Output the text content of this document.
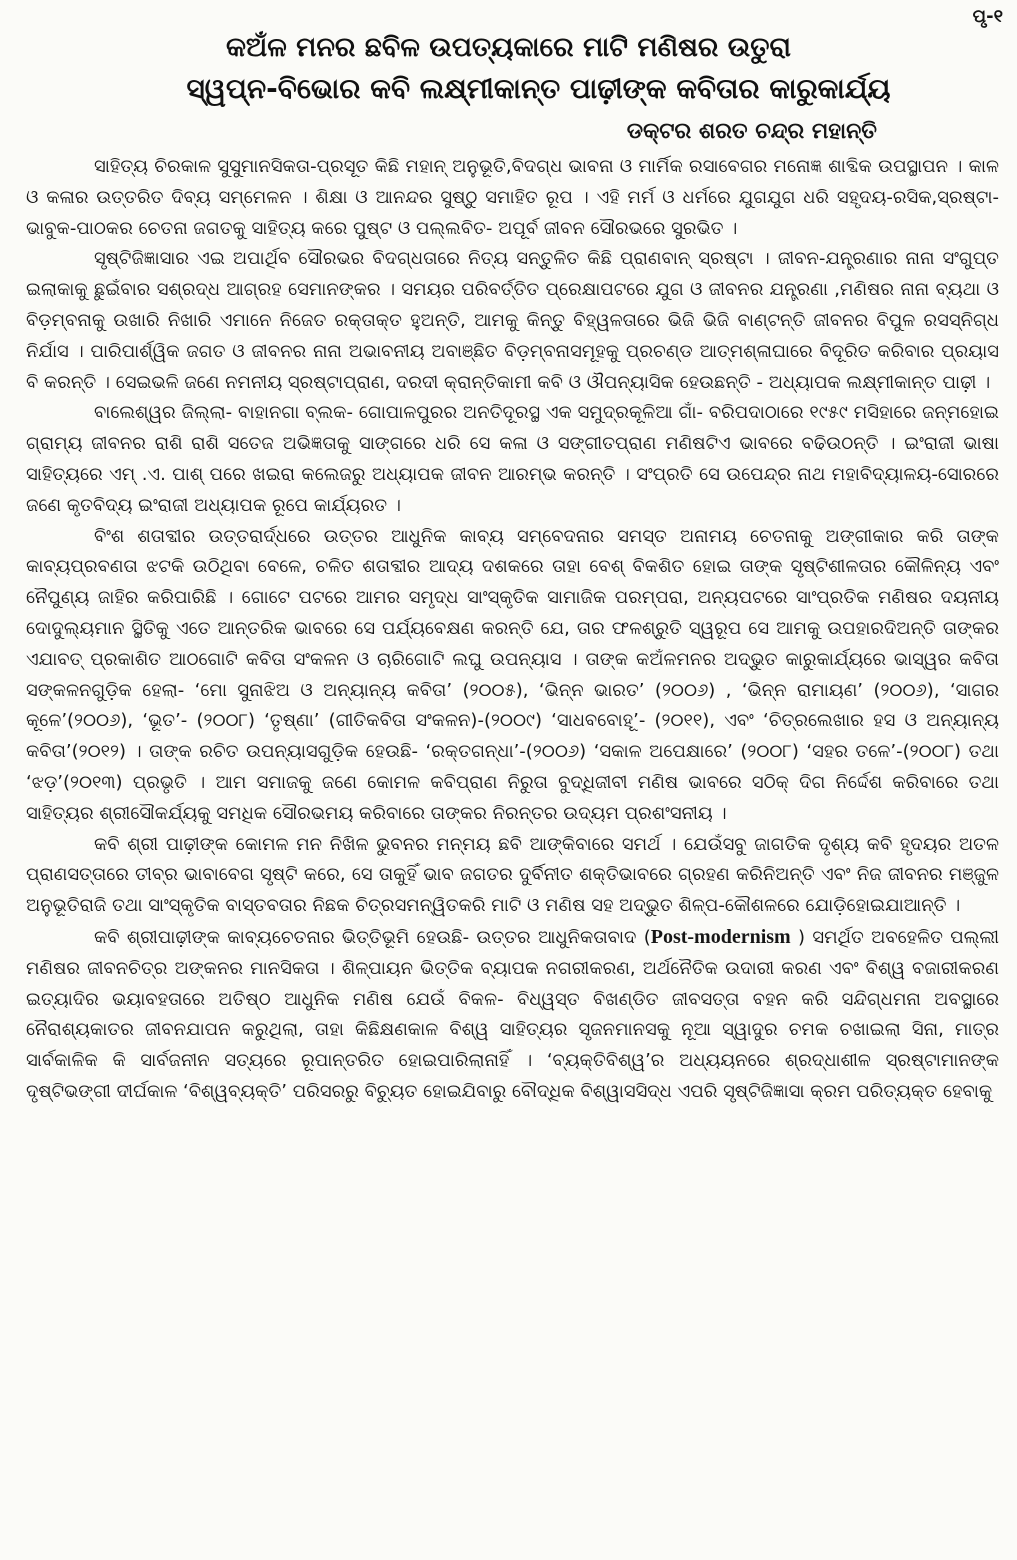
ପୃ-୧
କଅଁଳ ମନର ଛବିଳ ଉପତ୍ୟକାରେ ମାଟି ମଣିଷର ଉତୁରା
ସ୍ୱପ୍ନ-ବିଭୋର କବି ଲକ୍ଷ୍ମୀକାନ୍ତ ପାଢ଼ୀଙ୍କ କବିତାର କାରୁକାର୍ଯ୍ୟ
ଡକ୍ଟର ଶରତ ଚନ୍ଦ୍ର ମହାନ୍ତି

ସାହିତ୍ୟ ଚିରକାଳ ସୁସୁମାନସିକତା-ପ୍ରସୂତ କିଛି ମହାନ୍ ଅନୁଭୂତି,ବିଦଗ୍ଧ ଭାବନା ଓ ମାର୍ମିକ ରସାବେଗର ମନୋଜ୍ଞ ଶାବ୍ଦିକ ଉପସ୍ଥାପନ । କାଳ ଓ କଳାର ଉତ୍ତରିତ ଦିବ୍ୟ ସମ୍ମେଳନ । ଶିକ୍ଷା ଓ ଆନନ୍ଦର ସୁଷ୍ଠୁ ସମାହିତ ରୂପ । ଏହି ମର୍ମ ଓ ଧର୍ମରେ ଯୁଗଯୁଗ ଧରି ସହୃଦୟ-ରସିକ,ସ୍ରଷ୍ଟା-ଭାବୁକ-ପାଠକର ଚେତନା ଜଗତକୁ ସାହିତ୍ୟ କରେ ପୁଷ୍ଟ ଓ ପଲ୍ଲବିତ- ଅପୂର୍ବ ଜୀବନ ସୌରଭରେ ସୁରଭିତ ।

ସୃଷ୍ଟିଜିଜ୍ଞାସାର ଏଇ ଅପାର୍ଥିବ ସୌରଭର ବିଦଗ୍ଧତାରେ ନିତ୍ୟ ସନ୍ତୁଳିତ କିଛି ପ୍ରାଣବାନ୍ ସ୍ରଷ୍ଟା । ଜୀବନ-ଯନ୍ତ୍ରଣାର ନାନା ସଂଗୁପ୍ତ ଇଲାକାକୁ ଛୁଇଁବାର ସଶ୍ରଦ୍ଧ ଆଗ୍ରହ ସେମାନଙ୍କର । ସମୟର ପରିବର୍ତ୍ତିତ ପ୍ରେକ୍ଷାପଟରେ ଯୁଗ ଓ ଜୀବନର ଯନ୍ତ୍ରଣା ,ମଣିଷର ନାନା ବ୍ୟଥା ଓ ବିଡ଼ମ୍ବନାକୁ ଉଖାରି ନିଖାରି ଏମାନେ ନିଜେତ ରକ୍ତାକ୍ତ ହୁଅନ୍ତି, ଆମକୁ କିନ୍ତୁ ବିହ୍ୱଳତାରେ ଭିଜି ଭିଜି ବାଣ୍ଟନ୍ତି ଜୀବନର ବିପୁଳ ରସସ୍ନିଗ୍ଧ ନିର୍ଯାସ । ପାରିପାର୍ଶ୍ୱିକ ଜଗତ ଓ ଜୀବନର ନାନା ଅଭାବନୀୟ ଅବାଞ୍ଛିତ ବିଡ଼ମ୍ବନାସମୂହକୁ ପ୍ରଚଣ୍ଡ ଆତ୍ମଶ୍ଳାଘାରେ ବିଦୂରିତ କରିବାର ପ୍ରୟାସ ବି କରନ୍ତି । ସେଇଭଳି ଜଣେ ନମନୀୟ ସ୍ରଷ୍ଟାପ୍ରାଣ, ଦରଦୀ କ୍ରାନ୍ତିକାମୀ କବି ଓ ଔପନ୍ୟାସିକ ହେଉଛନ୍ତି - ଅଧ୍ୟାପକ ଲକ୍ଷ୍ମୀକାନ୍ତ ପାଢ଼ୀ ।

ବାଲେଶ୍ୱର ଜିଲ୍ଲା- ବାହାନଗା ବ୍ଲକ- ଗୋପାଳପୁରର ଅନତିଦୂରସ୍ଥ ଏକ ସମୁଦ୍ରକୂଳିଆ ଗାଁ- ବରିପଦାଠାରେ ୧୯୫୯ ମସିହାରେ ଜନ୍ମହୋଇ ଗ୍ରାମ୍ୟ ଜୀବନର ରାଶି ରାଶି ସତେଜ ଅଭିଜ୍ଞତାକୁ ସାଙ୍ଗରେ ଧରି ସେ କଳା ଓ ସଙ୍ଗୀତପ୍ରାଣ ମଣିଷଟିଏ ଭାବରେ ବଢିଉଠନ୍ତି । ଇଂରାଜୀ ଭାଷା ସାହିତ୍ୟରେ ଏମ୍ .ଏ. ପାଶ୍ ପରେ ଖଇରା କଲେଜରୁ ଅଧ୍ୟାପକ ଜୀବନ ଆରମ୍ଭ କରନ୍ତି । ସଂପ୍ରତି ସେ ଉପେନ୍ଦ୍ର ନାଥ ମହାବିଦ୍ୟାଳୟ-ସୋରରେ ଜଣେ କୃତବିଦ୍ୟ ଇଂରାଜୀ ଅଧ୍ୟାପକ ରୂପେ କାର୍ଯ୍ୟରତ ।

ବିଂଶ ଶତାବ୍ଦୀର ଉତ୍ତରାର୍ଦ୍ଧରେ ଉତ୍ତର ଆଧୁନିକ କାବ୍ୟ ସମ୍ବେଦନାର ସମସ୍ତ ଅନାମୟ ଚେତନାକୁ ଅଙ୍ଗୀକାର କରି ତାଙ୍କ କାବ୍ୟପ୍ରବଣତା ଝଟକି ଉଠିଥିବା ବେଳେ, ଚଳିତ ଶତାବ୍ଦୀର ଆଦ୍ୟ ଦଶକରେ ତାହା ବେଶ୍ ବିକଶିତ ହୋଇ ତାଙ୍କ ସୃଷ୍ଟିଶୀଳତାର କୌଳିନ୍ୟ ଏବଂ ନୈପୁଣ୍ୟ ଜାହିର କରିପାରିଛି । ଗୋଟେ ପଟରେ ଆମର ସମୃଦ୍ଧ ସାଂସ୍କୃତିକ ସାମାଜିକ ପରମ୍ପରା, ଅନ୍ୟପଟରେ ସାଂପ୍ରତିକ ମଣିଷର ଦୟନୀୟ ଦୋଦୁଲ୍ୟମାନ ସ୍ଥିତିକୁ ଏତେ ଆନ୍ତରିକ ଭାବରେ ସେ ପର୍ଯ୍ୟବେକ୍ଷଣ କରନ୍ତି ଯେ, ତାର ଫଳଶ୍ରୁତି ସ୍ୱରୂପ ସେ ଆମକୁ ଉପହାରଦିଅନ୍ତି ତାଙ୍କର ଏଯାବତ୍ ପ୍ରକାଶିତ ଆଠଗୋଟି କବିତା ସଂକଳନ ଓ ଚାରିଗୋଟି ଲଘୁ ଉପନ୍ୟାସ । ତାଙ୍କ କଅଁଳମନର ଅଦ୍ଭୁତ କାରୁକାର୍ଯ୍ୟରେ ଭାସ୍ୱର କବିତା ସଙ୍କଳନଗୁଡ଼ିକ ହେଲା- ‘ମୋ ସୁନାଝିଅ ଓ ଅନ୍ୟାନ୍ୟ କବିତା’ (୨୦୦୫), ‘ଭିନ୍ନ ଭାରତ’ (୨୦୦୬) , ‘ଭିନ୍ନ ରାମାୟଣ’ (୨୦୦୬), ‘ସାଗର କୂଳେ’(୨୦୦୬), ‘ଭୂତ’- (୨୦୦୮) ‘ତୃଷ୍ଣା’ (ଗୀତିକବିତା ସଂକଳନ)-(୨୦୦୯) ‘ସାଧବବୋହୂ’- (୨୦୧୧), ଏବଂ ‘ଚିତ୍ରଲେଖାର ହସ ଓ ଅନ୍ୟାନ୍ୟ କବିତା’(୨୦୧୨) । ତାଙ୍କ ରଚିତ ଉପନ୍ୟାସଗୁଡ଼ିକ ହେଉଛି- ‘ରକ୍ତଗନ୍ଧା’-(୨୦୦୬) ‘ସକାଳ ଅପେକ୍ଷାରେ’ (୨୦୦୮) ‘ସହର ତଳେ’-(୨୦୦୮) ତଥା ‘ଝଡ଼’(୨୦୧୩) ପ୍ରଭୃତି । ଆମ ସମାଜକୁ ଜଣେ କୋମଳ କବିପ୍ରାଣ ନିରୁତା ବୁଦ୍ଧିଜୀବୀ ମଣିଷ ଭାବରେ ସଠିକ୍ ଦିଗ ନିର୍ଦ୍ଦେଶ କରିବାରେ ତଥା ସାହିତ୍ୟର ଶ୍ରୀସୌକର୍ଯ୍ୟକୁ ସମଧିକ ସୌରଭମୟ କରିବାରେ ତାଙ୍କର ନିରନ୍ତର ଉଦ୍ୟମ ପ୍ରଶଂସନୀୟ ।

କବି ଶ୍ରୀ ପାଢ଼ୀଙ୍କ କୋମଳ ମନ ନିଖିଳ ଭୁବନର ମନ୍ମୟ ଛବି ଆଙ୍କିବାରେ ସମର୍ଥ । ଯେଉଁସବୁ ଜାଗତିକ ଦୃଶ୍ୟ କବି ହୃଦୟର ଅତଳ ପ୍ରାଣସତ୍ତାରେ ତୀବ୍ର ଭାବାବେଗ ସୃଷ୍ଟି କରେ, ସେ ତାକୁହିଁ ଭାବ ଜଗତର ଦୁର୍ବିନୀତ ଶକ୍ତିଭାବରେ ଗ୍ରହଣ କରିନିଅନ୍ତି ଏବଂ ନିଜ ଜୀବନର ମଞ୍ଜୁଳ ଅନୁଭୂତିରାଜି ତଥା ସାଂସ୍କୃତିକ ବାସ୍ତବତାର ନିଛକ ଚିତ୍ରସମନ୍ୱିତକରି ମାଟି ଓ ମଣିଷ ସହ ଅଦ୍ଭୁତ ଶିଳ୍ପ-କୌଶଳରେ ଯୋଡ଼ିହୋଇଯାଆନ୍ତି ।

କବି ଶ୍ରୀପାଢ଼ୀଙ୍କ କାବ୍ୟଚେତନାର ଭିତ୍ତିଭୂମି ହେଉଛି- ଉତ୍ତର ଆଧୁନିକତାବାଦ (Post-modernism ) ସମର୍ଥିତ ଅବହେଳିତ ପଲ୍ଲୀ ମଣିଷର ଜୀବନଚିତ୍ର ଅଙ୍କନର ମାନସିକତା । ଶିଳ୍ପାୟନ ଭିତ୍ତିକ ବ୍ୟାପକ ନଗରୀକରଣ, ଅର୍ଥନୈତିକ ଉଦାରୀ କରଣ ଏବଂ ବିଶ୍ୱ ବଜାରୀକରଣ ଇତ୍ୟାଦିର ଭୟାବହତାରେ ଅତିଷ୍ଠ ଆଧୁନିକ ମଣିଷ ଯେଉଁ ବିକଳ- ବିଧ୍ୱସ୍ତ ବିଖଣ୍ଡିତ ଜୀବସତ୍ତା ବହନ କରି ସନ୍ଦିଗ୍ଧମନା ଅବସ୍ଥାରେ ନୈରାଶ୍ୟକାତର ଜୀବନଯାପନ କରୁଥିଲା, ତାହା କିଛିକ୍ଷଣକାଳ ବିଶ୍ୱ ସାହିତ୍ୟର ସୃଜନମାନସକୁ ନୂଆ ସ୍ୱାଦୁର ଚମକ ଚଖାଇଲା ସିନା, ମାତ୍ର ସାର୍ବକାଳିକ କି ସାର୍ବଜନୀନ ସତ୍ୟରେ ରୂପାନ୍ତରିତ ହୋଇପାରିଲାନାହିଁ । ‘ବ୍ୟକ୍ତିବିଶ୍ୱ’ର ଅଧ୍ୟୟନରେ ଶ୍ରଦ୍ଧାଶୀଳ ସ୍ରଷ୍ଟାମାନଙ୍କ ଦୃଷ୍ଟିଭଙ୍ଗୀ ଦୀର୍ଘକାଳ ‘ବିଶ୍ୱବ୍ୟକ୍ତି’ ପରିସରରୁ ବିଚ୍ୟୁତ ହୋଇଯିବାରୁ ବୌଦ୍ଧିକ ବିଶ୍ୱାସସିଦ୍ଧ ଏପରି ସୃଷ୍ଟିଜିଜ୍ଞାସା କ୍ରମ ପରିତ୍ୟକ୍ତ ହେବାକୁ
